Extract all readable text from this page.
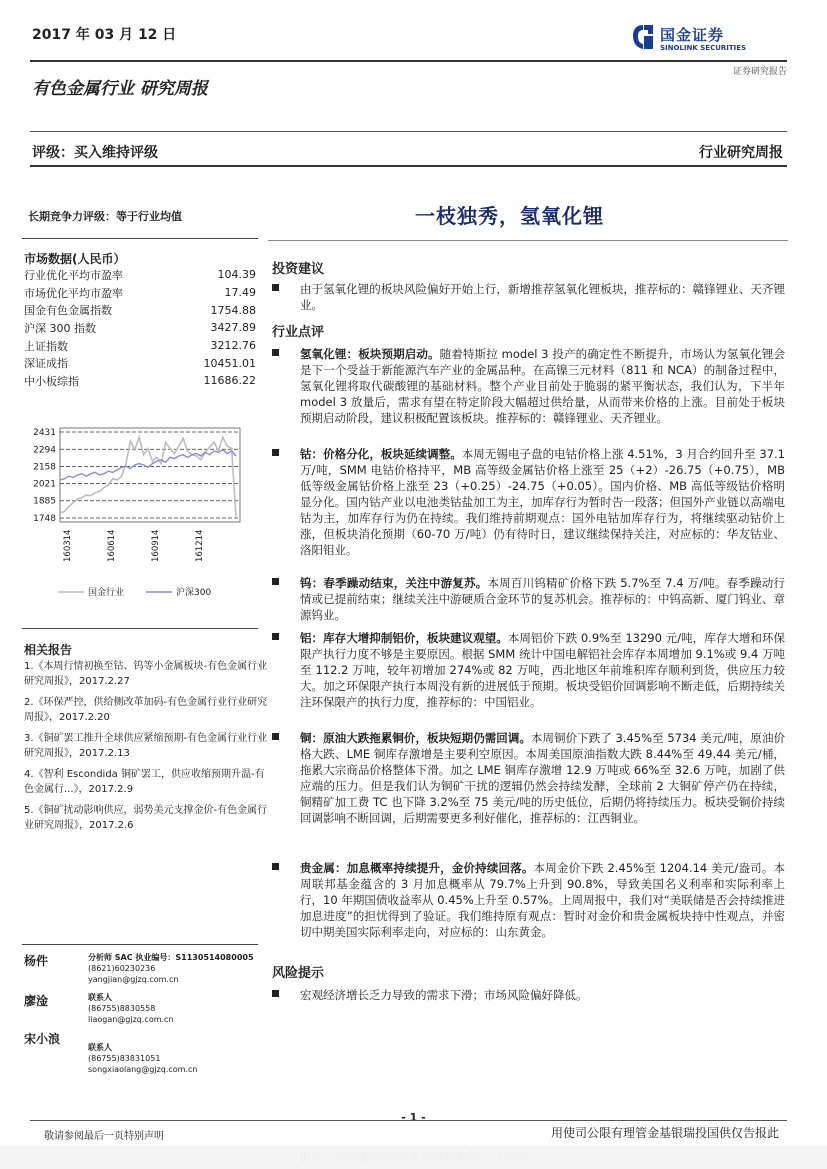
2017 年 03 月 12 日	国金证券
SINOLINK SECURITIES
证券研究报告
有色金属行业 研究周报
评级：买入维持评级	行业研究周报
长期竞争力评级：等于行业均值
市场数据(人民币）
行业优化平均市盈率	104.39
市场优化平均市盈率	17.49
国金有色金属指数	1754.88
沪深 300 指数	3427.89
上证指数	3212.76
深证成指	10451.01
中小板综指	11686.22
2431
2294
2158
2021
1885
1748
160314	160614	160914	161214
国金行业	沪深300
相关报告
1.《本周行情初换至钴、钨等小金属板块-有色金属行业研究周报》，2017.2.27
2.《环保严控，供给侧改革加码-有色金属行业行业研究周报》，2017.2.20
3.《铜矿罢工推升全球供应紧缩预期-有色金属行业行业研究周报》，2017.2.13
4.《智利 Escondida 铜矿罢工，供应收缩预期升温-有色金属行...》，2017.2.9
5.《铜矿扰动影响供应，弱势美元支撑金价-有色金属行业研究周报》，2017.2.6
杨件	分析师 SAC 执业编号：S1130514080005
(8621)60230236
yangjian@gjzq.com.cn
廖淦	联系人
(86755)8830558
liaogan@gjzq.com.cn
宋小浪
联系人
(86755)83831051
songxiaolang@gjzq.com.cn
一枝独秀，氢氧化锂
投资建议
由于氢氧化锂的板块风险偏好开始上行，新增推荐氢氧化锂板块，推荐标的：赣锋锂业、天齐锂业。
行业点评
氢氧化锂：板块预期启动。随着特斯拉 model 3 投产的确定性不断提升，市场认为氢氧化锂会是下一个受益于新能源汽车产业的金属品种。在高镍三元材料（811 和 NCA）的制备过程中，氢氧化锂将取代碳酸锂的基础材料。整个产业目前处于脆弱的紧平衡状态，我们认为，下半年 model 3 放量后，需求有望在特定阶段大幅超过供给量，从而带来价格的上涨。目前处于板块预期启动阶段，建议积极配置该板块。推荐标的：赣锋锂业、天齐锂业。
钴：价格分化，板块延续调整。本周无锡电子盘的电钴价格上涨 4.51%，3 月合约回升至 37.1 万/吨，SMM 电钴价格持平，MB 高等级金属钴价格上涨至 25（+2）-26.75（+0.75），MB 低等级金属钴价格上涨至 23（+0.25）-24.75（+0.05）。国内价格、MB 高低等级钴价格明显分化。国内钴产业以电池类钴盐加工为主，加库存行为暂时告一段落；但国外产业链以高端电钴为主，加库存行为仍在持续。我们维持前期观点：国外电钴加库存行为，将继续驱动钴价上涨，但板块消化预期（60-70 万/吨）仍有待时日，建议继续保持关注，对应标的：华友钴业、洛阳钼业。
钨：春季躁动结束，关注中游复苏。本周百川钨精矿价格下跌 5.7%至 7.4 万/吨。春季躁动行情或已提前结束；继续关注中游硬质合金环节的复苏机会。推荐标的：中钨高新、厦门钨业、章源钨业。
铝：库存大增抑制铝价，板块建议观望。本周铝价下跌 0.9%至 13290 元/吨，库存大增和环保限产执行力度不够是主要原因。根据 SMM 统计中国电解铝社会库存本周增加 9.1%或 9.4 万吨至 112.2 万吨，较年初增加 274%或 82 万吨，西北地区年前堆积库存顺利到货，供应压力较大。加之环保限产执行本周没有新的进展低于预期。板块受铝价回调影响不断走低，后期持续关注环保限产的执行力度，推荐标的：中国铝业。
铜：原油大跌拖累铜价，板块短期仍需回调。本周铜价下跌了 3.45%至 5734 美元/吨，原油价格大跌、LME 铜库存激增是主要利空原因。本周美国原油指数大跌 8.44%至 49.44 美元/桶，拖累大宗商品价格整体下滑。加之 LME 铜库存激增 12.9 万吨或 66%至 32.6 万吨，加剧了供应端的压力。但是我们认为铜矿干扰的逻辑仍然会持续发酵，全球前 2 大铜矿停产仍在持续，铜精矿加工费 TC 也下降 3.2%至 75 美元/吨的历史低位，后期仍将持续压力。板块受铜价持续回调影响不断回调，后期需要更多利好催化，推荐标的：江西铜业。
贵金属：加息概率持续提升，金价持续回落。本周金价下跌 2.45%至 1204.14 美元/盎司。本周联邦基金蕴含的 3 月加息概率从 79.7%上升到 90.8%，导致美国名义利率和实际利率上行，10 年期国债收益率从 0.45%上升至 0.57%。上周周报中，我们对“美联储是否会持续推进加息进度”的担忧得到了验证。我们维持原有观点：暂时对金价和贵金属板块持中性观点，并密切中期美国实际利率走向，对应标的：山东黄金。
风险提示
宏观经济增长乏力导致的需求下滑；市场风险偏好降低。
- 1 -
敬请参阅最后一页特别声明	用使司公限有理管金基银瑞投国供仅告报此
调优告仅供银瑞投国基金管理有限公司使用
